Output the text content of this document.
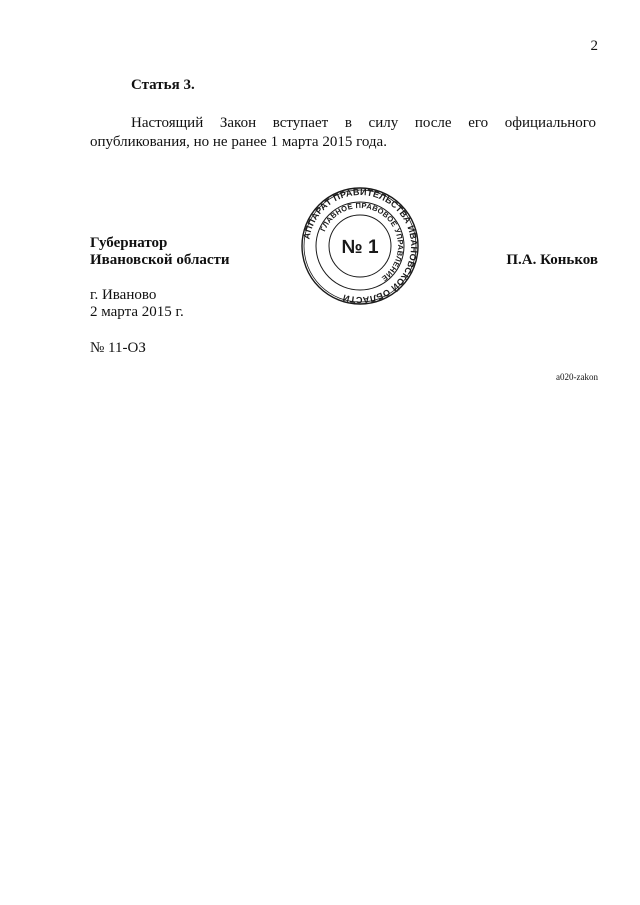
2
Статья 3.
Настоящий Закон вступает в силу после его официального
опубликования, но не ранее 1 марта 2015 года.
Губернатор
Ивановской области	П.А. Коньков
АППАРАТ ПРАВИТЕЛЬСТВА ИВАНОВСКОЙ ОБЛАСТИ
ГЛАВНОЕ ПРАВОВОЕ УПРАВЛЕНИЕ
№ 1
г. Иваново
2 марта 2015 г.
№ 11-ОЗ
a020-zakon
